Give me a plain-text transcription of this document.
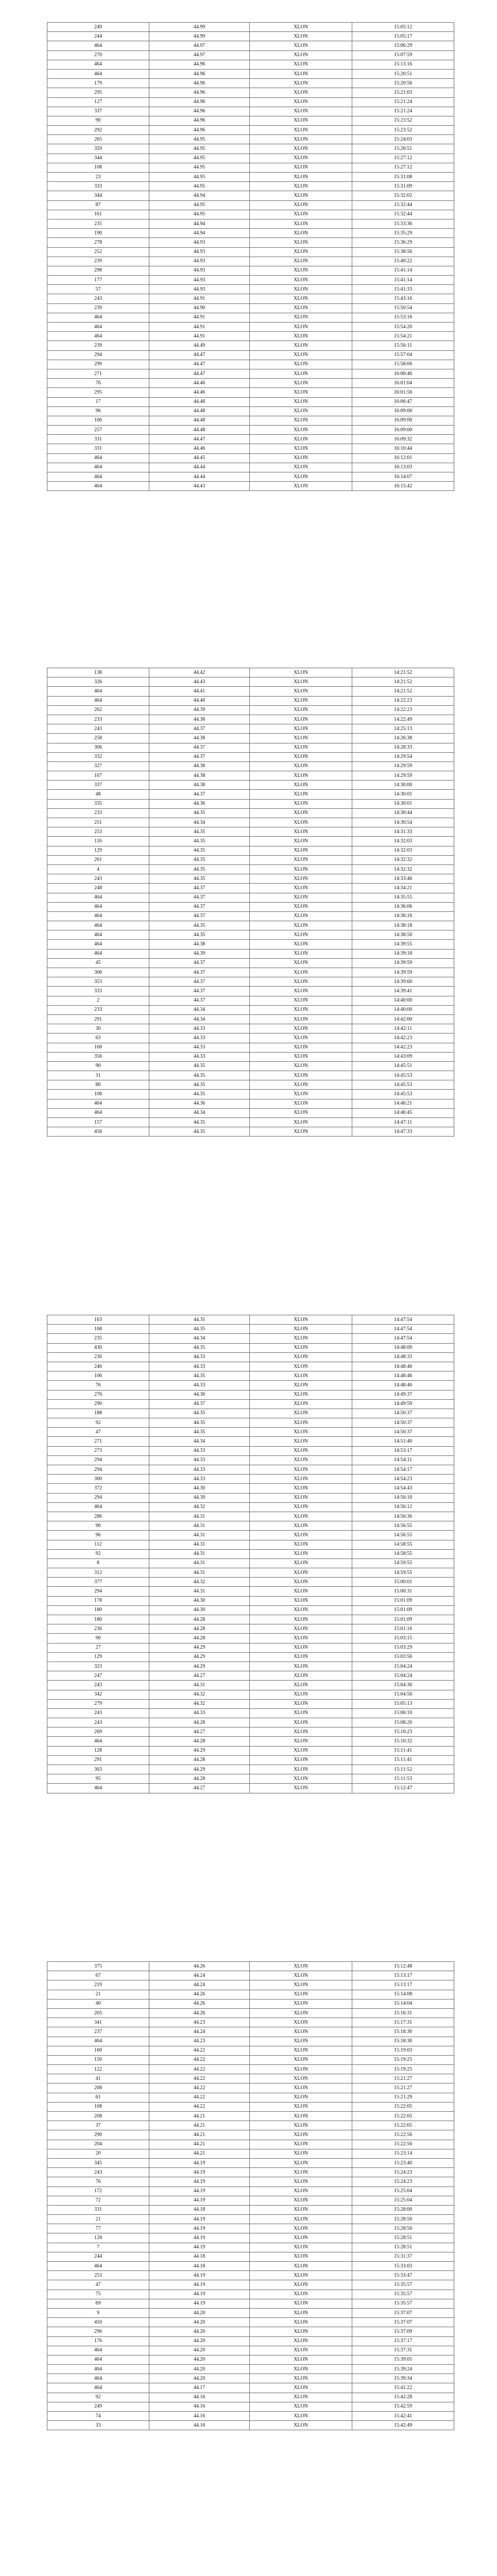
249	44.99	XLON	15:05:12
244	44.99	XLON	15:05:17
464	44.97	XLON	15:06:29
276	44.97	XLON	15:07:59
464	44.96	XLON	15:13:16
464	44.96	XLON	15:20:51
179	44.96	XLON	15:20:56
295	44.96	XLON	15:21:03
127	44.96	XLON	15:21:24
337	44.96	XLON	15:21:24
90	44.96	XLON	15:23:52
292	44.96	XLON	15:23:52
265	44.95	XLON	15:24:03
359	44.95	XLON	15:26:51
344	44.95	XLON	15:27:12
108	44.95	XLON	15:27:12
23	44.95	XLON	15:31:08
333	44.95	XLON	15:31:09
344	44.94	XLON	15:32:02
87	44.95	XLON	15:32:44
161	44.95	XLON	15:32:44
235	44.94	XLON	15:33:36
190	44.94	XLON	15:35:29
278	44.93	XLON	15:36:29
252	44.93	XLON	15:38:56
239	44.93	XLON	15:40:22
298	44.93	XLON	15:41:14
177	44.93	XLON	15:41:14
57	44.93	XLON	15:41:33
243	44.91	XLON	15:43:16
239	44.90	XLON	15:50:54
464	44.91	XLON	15:53:16
464	44.91	XLON	15:54:20
464	44.91	XLON	15:54:21
239	44.49	XLON	15:56:11
294	44.47	XLON	15:57:04
299	44.47	XLON	15:58:06
271	44.47	XLON	16:00:46
76	44.46	XLON	16:01:04
295	44.46	XLON	16:01:56
17	44.48	XLON	16:06:47
96	44.48	XLON	16:09:00
106	44.48	XLON	16:09:00
257	44.48	XLON	16:09:00
331	44.47	XLON	16:09:32
331	44.46	XLON	16:10:44
464	44.45	XLON	16:12:01
464	44.44	XLON	16:13:03
464	44.44	XLON	16:14:07
464	44.43	XLON	16:15:42
138	44.42	XLON	14:21:52
326	44.43	XLON	14:21:52
464	44.41	XLON	14:21:52
464	44.40	XLON	14:22:23
262	44.39	XLON	14:22:23
233	44.38	XLON	14:22:49
243	44.37	XLON	14:25:13
258	44.38	XLON	14:26:38
306	44.37	XLON	14:28:33
332	44.37	XLON	14:29:54
327	44.38	XLON	14:29:59
107	44.38	XLON	14:29:59
337	44.38	XLON	14:30:00
48	44.37	XLON	14:30:01
335	44.36	XLON	14:30:01
233	44.35	XLON	14:30:44
251	44.34	XLON	14:30:54
253	44.35	XLON	14:31:33
116	44.35	XLON	14:32:03
129	44.35	XLON	14:32:03
261	44.35	XLON	14:32:32
4	44.35	XLON	14:32:32
243	44.35	XLON	14:33:46
248	44.37	XLON	14:34:21
464	44.37	XLON	14:35:55
464	44.37	XLON	14:36:06
464	44.37	XLON	14:36:16
464	44.35	XLON	14:38:18
464	44.35	XLON	14:38:50
464	44.38	XLON	14:39:55
464	44.39	XLON	14:39:18
45	44.37	XLON	14:39:59
306	44.37	XLON	14:39:59
353	44.37	XLON	14:39:60
333	44.37	XLON	14:39:41
2	44.37	XLON	14:40:00
233	44.34	XLON	14:40:00
291	44.34	XLON	14:42:00
30	44.33	XLON	14:42:11
63	44.33	XLON	14:42:23
168	44.33	XLON	14:42:23
356	44.33	XLON	14:43:09
90	44.35	XLON	14:45:51
31	44.35	XLON	14:45:53
80	44.35	XLON	14:45:53
108	44.35	XLON	14:45:53
464	44.36	XLON	14:46:21
464	44.34	XLON	14:46:45
157	44.35	XLON	14:47:11
456	44.35	XLON	14:47:33
163	44.35	XLON	14:47:54
168	44.35	XLON	14:47:54
235	44.34	XLON	14:47:54
430	44.35	XLON	14:48:00
230	44.33	XLON	14:48:33
246	44.33	XLON	14:48:46
106	44.35	XLON	14:48:46
76	44.33	XLON	14:48:46
276	44.36	XLON	14:49:37
290	44.37	XLON	14:49:59
188	44.35	XLON	14:50:37
92	44.35	XLON	14:50:37
47	44.35	XLON	14:50:37
271	44.34	XLON	14:51:40
273	44.33	XLON	14:53:17
294	44.33	XLON	14:54:11
294	44.33	XLON	14:54:17
300	44.33	XLON	14:54:23
372	44.30	XLON	14:54:43
294	44.30	XLON	14:56:10
464	44.32	XLON	14:56:12
286	44.31	XLON	14:56:36
90	44.31	XLON	14:56:55
96	44.31	XLON	14:56:55
112	44.31	XLON	14:58:55
92	44.31	XLON	14:58:55
8	44.31	XLON	14:59:55
312	44.31	XLON	14:59:55
377	44.32	XLON	15:00:01
294	44.31	XLON	15:00:31
178	44.30	XLON	15:01:09
180	44.30	XLON	15:01:09
180	44.28	XLON	15:01:09
236	44.28	XLON	15:01:16
90	44.28	XLON	15:03:15
27	44.29	XLON	15:03:29
129	44.29	XLON	15:03:56
323	44.29	XLON	15:04:24
247	44.27	XLON	15:04:24
243	44.31	XLON	15:04:30
342	44.32	XLON	15:04:50
279	44.32	XLON	15:05:13
243	44.33	XLON	15:06:10
243	44.28	XLON	15:08:20
269	44.27	XLON	15:10:23
464	44.28	XLON	15:10:32
128	44.29	XLON	15:11:41
291	44.28	XLON	15:11:41
363	44.29	XLON	15:11:52
95	44.28	XLON	15:11:53
464	44.27	XLON	15:12:47
375	44.26	XLON	15:12:48
67	44.24	XLON	15:13:17
219	44.24	XLON	15:13:17
21	44.26	XLON	15:14:08
40	44.26	XLON	15:14:04
205	44.26	XLON	15:16:31
341	44.23	XLON	15:17:31
237	44.24	XLON	15:18:30
464	44.23	XLON	15:18:30
160	44.22	XLON	15:19:03
150	44.22	XLON	15:19:25
122	44.22	XLON	15:19:25
41	44.22	XLON	15:21:27
208	44.22	XLON	15:21:27
61	44.22	XLON	15:21:29
108	44.22	XLON	15:22:05
208	44.21	XLON	15:22:05
37	44.21	XLON	15:22:05
290	44.21	XLON	15:22:56
204	44.21	XLON	15:22:56
20	44.21	XLON	15:23:14
345	44.19	XLON	15:23:40
243	44.19	XLON	15:24:23
76	44.19	XLON	15:24:23
172	44.19	XLON	15:25:04
72	44.19	XLON	15:25:04
331	44.18	XLON	15:28:00
21	44.19	XLON	15:28:50
77	44.19	XLON	15:28:50
128	44.19	XLON	15:28:51
7	44.19	XLON	15:28:51
244	44.18	XLON	15:31:37
464	44.18	XLON	15:33:03
253	44.19	XLON	15:33:47
47	44.19	XLON	15:35:57
75	44.19	XLON	15:35:57
69	44.19	XLON	15:35:57
9	44.20	XLON	15:37:07
450	44.20	XLON	15:37:07
296	44.20	XLON	15:37:09
176	44.20	XLON	15:37:17
464	44.20	XLON	15:37:31
464	44.20	XLON	15:39:05
464	44.20	XLON	15:39:24
464	44.20	XLON	15:39:34
464	44.17	XLON	15:41:22
92	44.16	XLON	15:42:28
249	44.16	XLON	15:42:59
74	44.16	XLON	15:42:41
33	44.16	XLON	15:42:49
